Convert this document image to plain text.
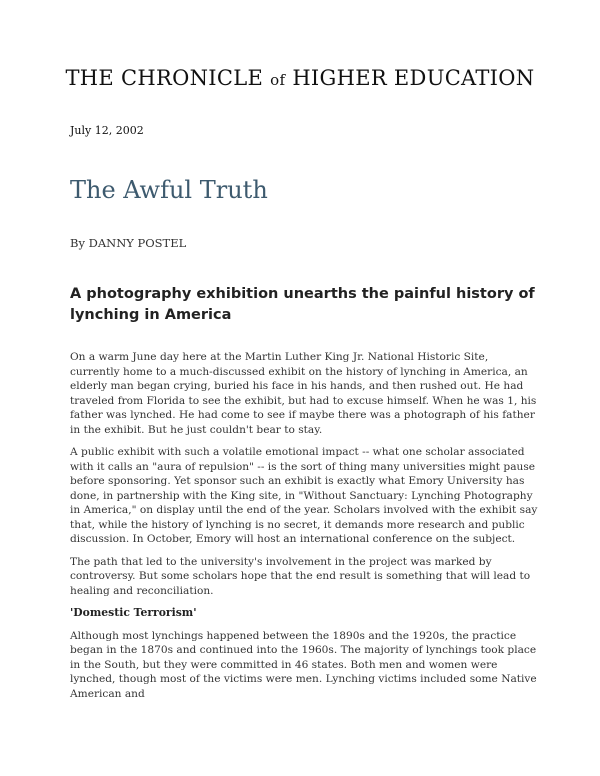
THE CHRONICLE of HIGHER EDUCATION
July 12, 2002
The Awful Truth
By DANNY POSTEL
A photography exhibition unearths the painful history of lynching in America

On a warm June day here at the Martin Luther King Jr. National Historic Site, currently home to a much-discussed exhibit on the history of lynching in America, an elderly man began crying, buried his face in his hands, and then rushed out. He had traveled from Florida to see the exhibit, but had to excuse himself. When he was 1, his father was lynched. He had come to see if maybe there was a photograph of his father in the exhibit. But he just couldn't bear to stay.

A public exhibit with such a volatile emotional impact -- what one scholar associated with it calls an "aura of repulsion" -- is the sort of thing many universities might pause before sponsoring. Yet sponsor such an exhibit is exactly what Emory University has done, in partnership with the King site, in "Without Sanctuary: Lynching Photography in America," on display until the end of the year. Scholars involved with the exhibit say that, while the history of lynching is no secret, it demands more research and public discussion. In October, Emory will host an international conference on the subject.

The path that led to the university's involvement in the project was marked by controversy. But some scholars hope that the end result is something that will lead to healing and reconciliation.

'Domestic Terrorism'

Although most lynchings happened between the 1890s and the 1920s, the practice began in the 1870s and continued into the 1960s. The majority of lynchings took place in the South, but they were committed in 46 states. Both men and women were lynched, though most of the victims were men. Lynching victims included some Native American and
